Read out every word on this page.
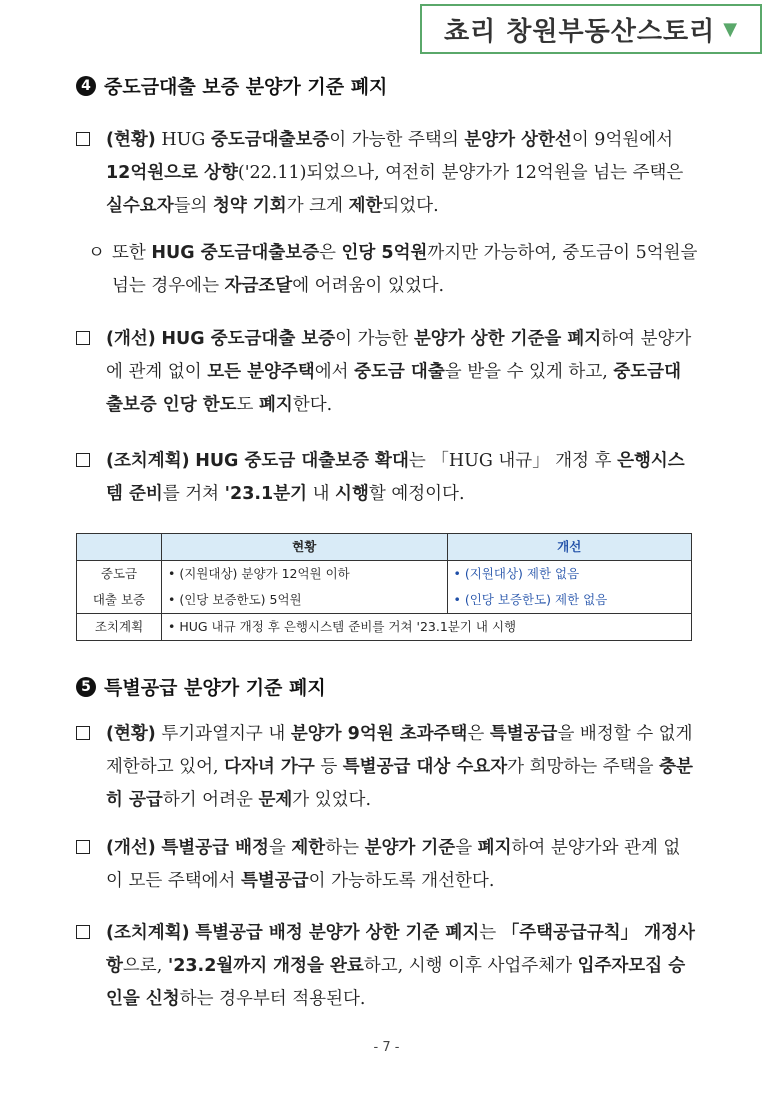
쵸리 창원부동산스토리 ▼
4 중도금대출 보증 분양가 기준 폐지
(현황) HUG 중도금대출보증이 가능한 주택의 분양가 상한선이 9억원에서 12억원으로 상향('22.11)되었으나, 여전히 분양가가 12억원을 넘는 주택은 실수요자들의 청약 기회가 크게 제한되었다.
ㅇ 또한 HUG 중도금대출보증은 인당 5억원까지만 가능하여, 중도금이 5억원을 넘는 경우에는 자금조달에 어려움이 있었다.
(개선) HUG 중도금대출 보증이 가능한 분양가 상한 기준을 폐지하여 분양가에 관계 없이 모든 분양주택에서 중도금 대출을 받을 수 있게 하고, 중도금대출보증 인당 한도도 폐지한다.
(조치계획) HUG 중도금 대출보증 확대는 「HUG 내규」 개정 후 은행시스템 준비를 거쳐 '23.1분기 내 시행할 예정이다.
	현황	개선
중도금	• (지원대상) 분양가 12억원 이하	• (지원대상) 제한 없음
대출 보증	• (인당 보증한도) 5억원	• (인당 보증한도) 제한 없음
조치계획	• HUG 내규 개정 후 은행시스템 준비를 거쳐 '23.1분기 내 시행	
5 특별공급 분양가 기준 폐지
(현황) 투기과열지구 내 분양가 9억원 초과주택은 특별공급을 배정할 수 없게 제한하고 있어, 다자녀 가구 등 특별공급 대상 수요자가 희망하는 주택을 충분히 공급하기 어려운 문제가 있었다.
(개선) 특별공급 배정을 제한하는 분양가 기준을 폐지하여 분양가와 관계 없이 모든 주택에서 특별공급이 가능하도록 개선한다.
(조치계획) 특별공급 배정 분양가 상한 기준 폐지는 「주택공급규칙」 개정사항으로, '23.2월까지 개정을 완료하고, 시행 이후 사업주체가 입주자모집 승인을 신청하는 경우부터 적용된다.
- 7 -
